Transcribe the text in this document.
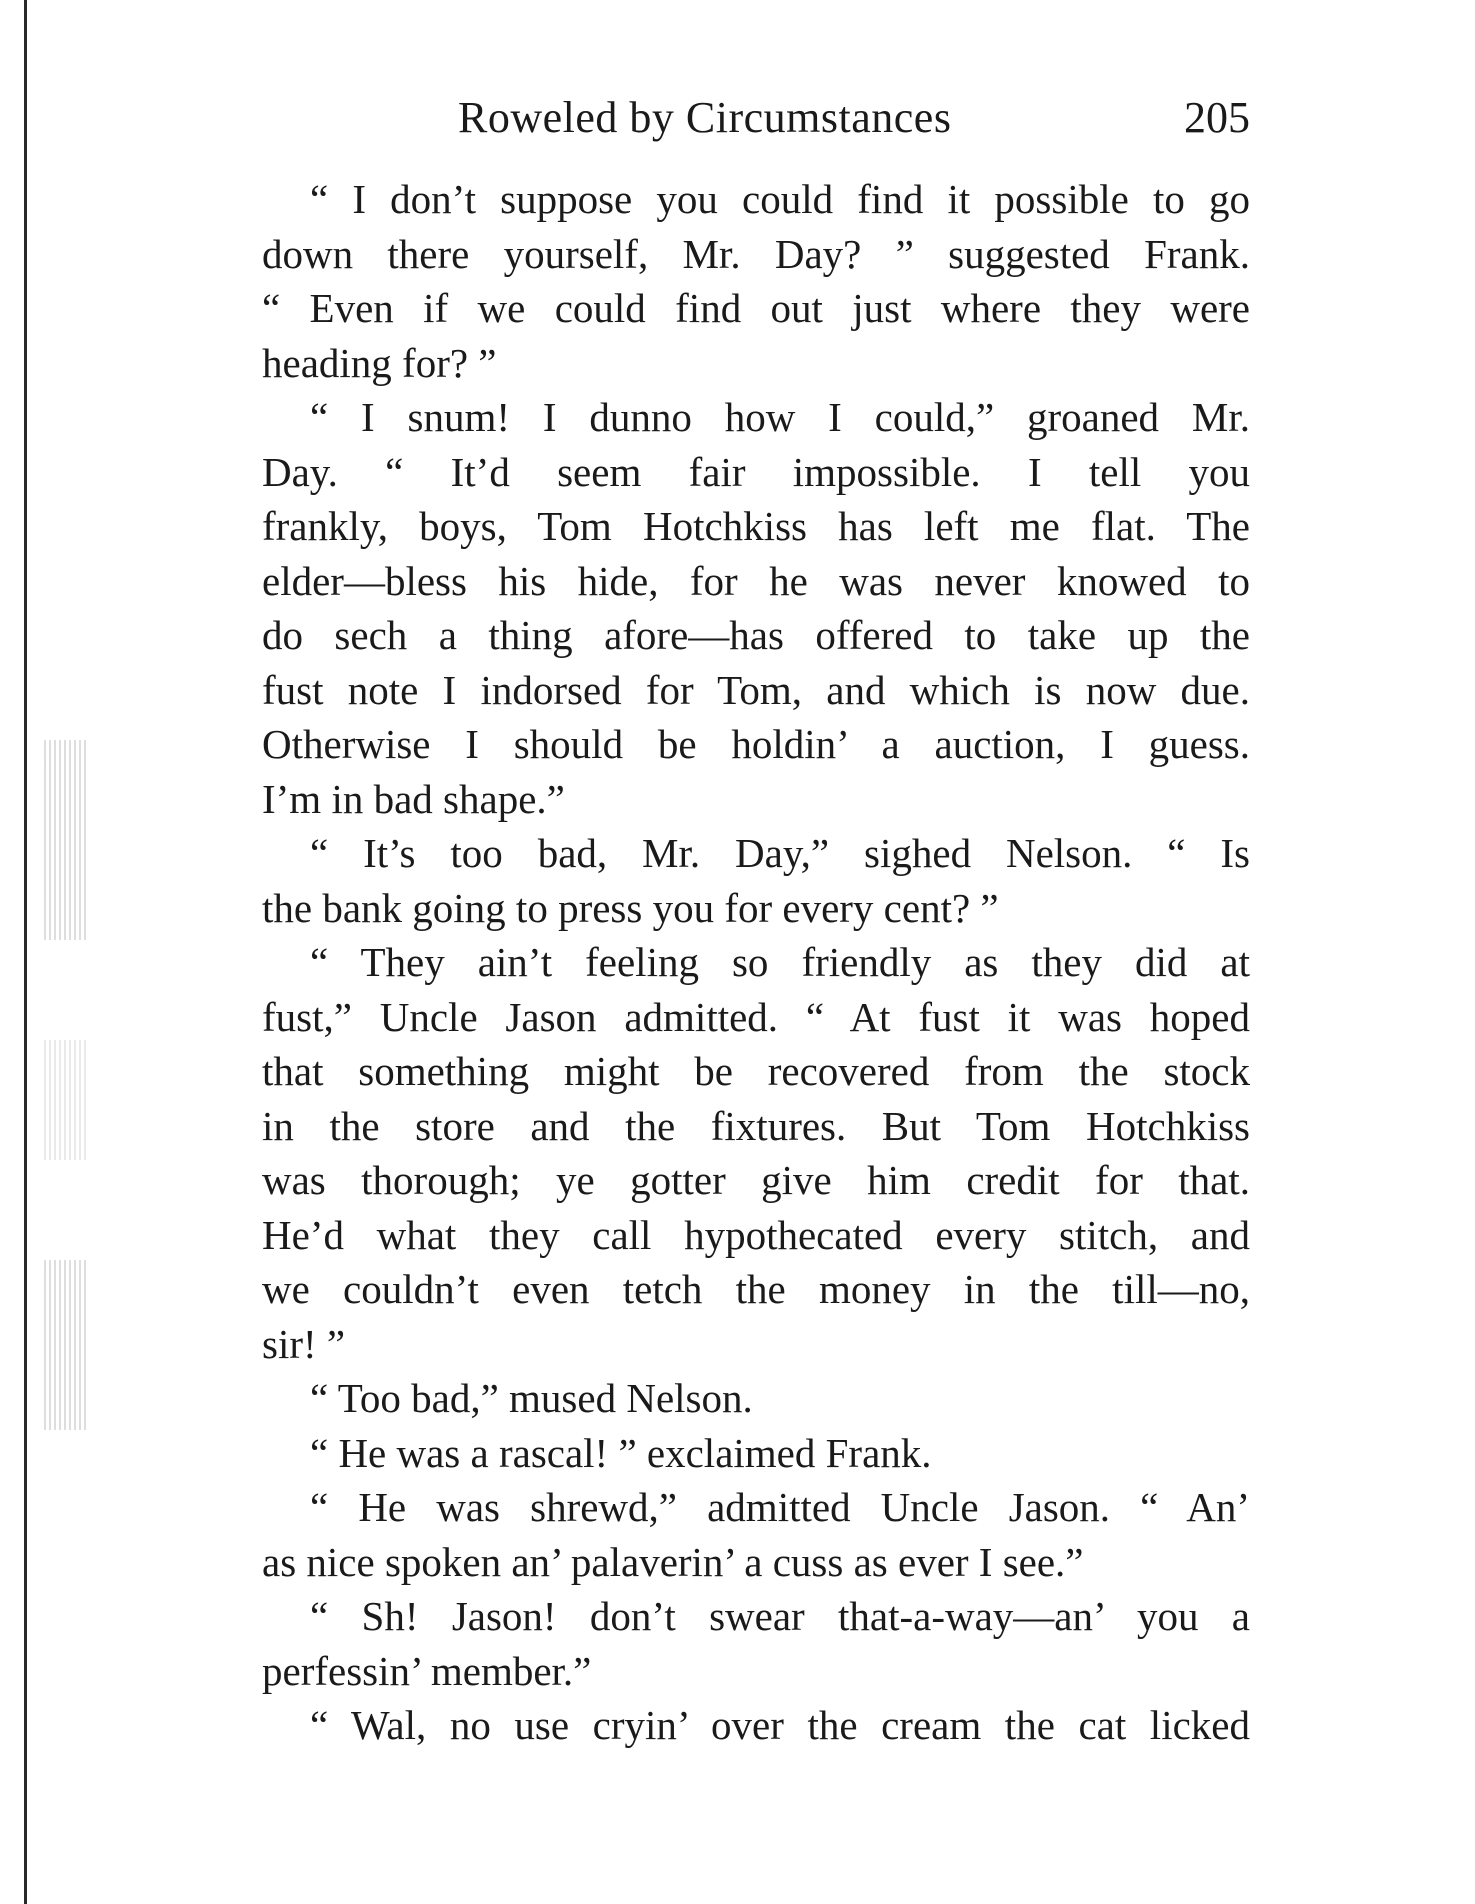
Roweled by Circumstances	205
“ I don’t suppose you could find it possible to go
down there yourself, Mr. Day? ” suggested Frank.
“ Even if we could find out just where they were
heading for? ”
“ I snum! I dunno how I could,” groaned Mr.
Day. “ It’d seem fair impossible. I tell you
frankly, boys, Tom Hotchkiss has left me flat. The
elder—bless his hide, for he was never knowed to
do sech a thing afore—has offered to take up the
fust note I indorsed for Tom, and which is now due.
Otherwise I should be holdin’ a auction, I guess.
I’m in bad shape.”
“ It’s too bad, Mr. Day,” sighed Nelson. “ Is
the bank going to press you for every cent? ”
“ They ain’t feeling so friendly as they did at
fust,” Uncle Jason admitted. “ At fust it was hoped
that something might be recovered from the stock
in the store and the fixtures. But Tom Hotchkiss
was thorough; ye gotter give him credit for that.
He’d what they call hypothecated every stitch, and
we couldn’t even tetch the money in the till—no,
sir! ”
“ Too bad,” mused Nelson.
“ He was a rascal! ” exclaimed Frank.
“ He was shrewd,” admitted Uncle Jason. “ An’
as nice spoken an’ palaverin’ a cuss as ever I see.”
“ Sh! Jason! don’t swear that-a-way—an’ you a
perfessin’ member.”
“ Wal, no use cryin’ over the cream the cat licked
